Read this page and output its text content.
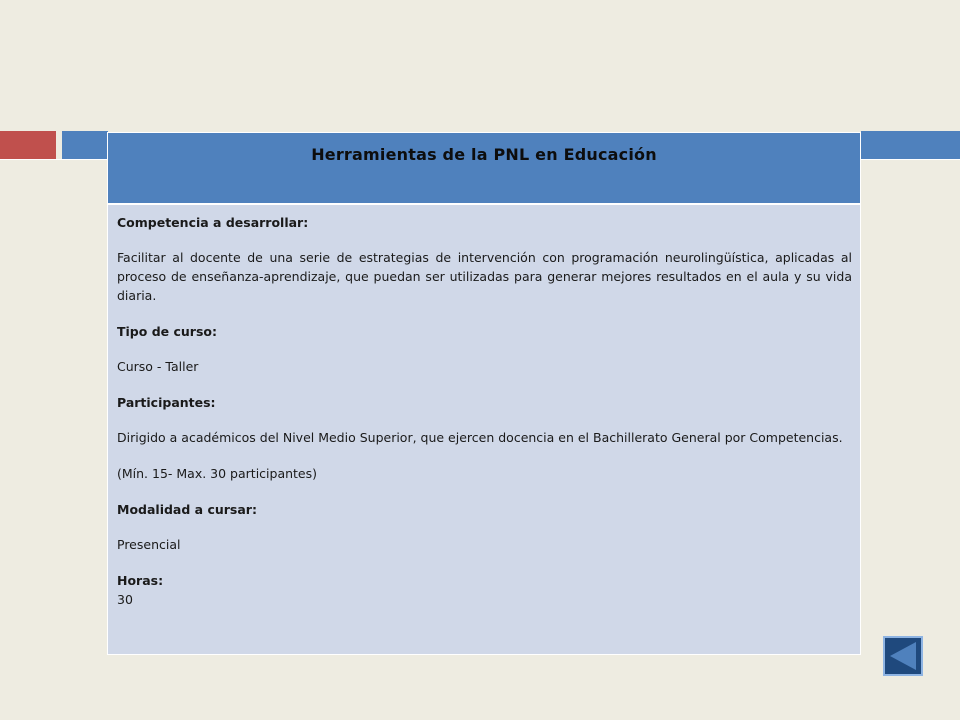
Herramientas de la PNL en Educación

Competencia a desarrollar:

Facilitar al docente de una serie de estrategias de intervención con programación neurolingüística, aplicadas al proceso de enseñanza-aprendizaje, que puedan ser utilizadas para generar mejores resultados en el aula y su vida diaria.

Tipo de curso:

Curso - Taller

Participantes:

Dirigido a académicos del Nivel Medio Superior, que ejercen docencia en el Bachillerato General por Competencias.

(Mín. 15- Max. 30 participantes)

Modalidad a cursar:

Presencial

Horas:

30
